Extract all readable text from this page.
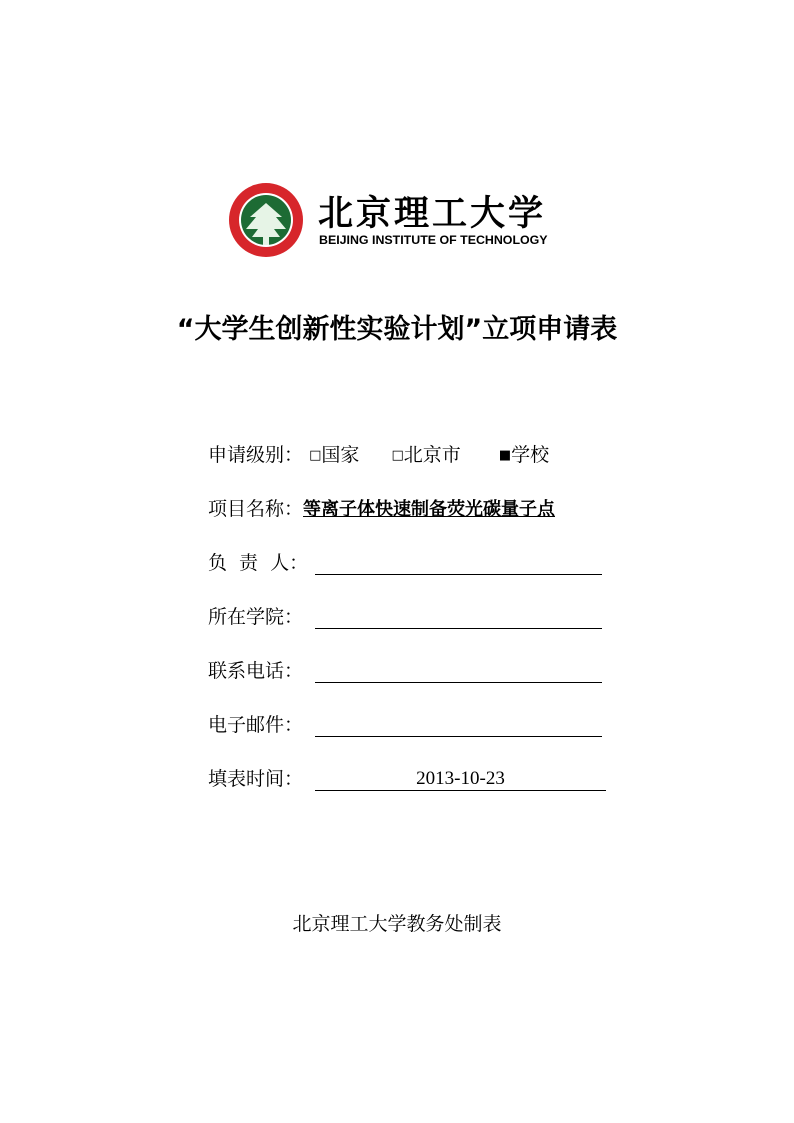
北京理工大学
BEIJING INSTITUTE OF TECHNOLOGY
“大学生创新性实验计划”立项申请表
申请级别： □国家 □北京市	■学校
项目名称：等离子体快速制备荧光碳量子点
负 责 人：
所在学院：
联系电话：
电子邮件：
填表时间：	2013-10-23
北京理工大学教务处制表
